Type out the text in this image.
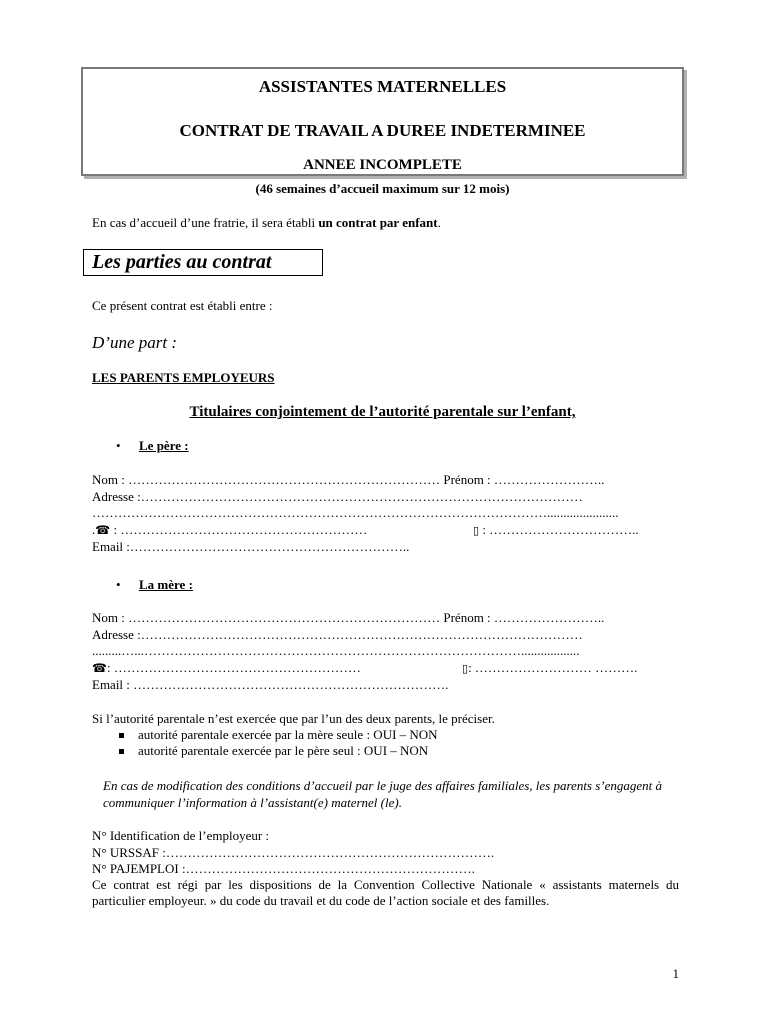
ASSISTANTES MATERNELLES
CONTRAT DE TRAVAIL A DUREE INDETERMINEE
ANNEE INCOMPLETE
(46 semaines d’accueil maximum sur 12 mois)
En cas d’accueil d’une fratrie, il sera établi un contrat par enfant.
Les parties au contrat
Ce présent contrat est établi entre :
D’une part :
LES PARENTS EMPLOYEURS
Titulaires conjointement de l’autorité parentale sur l’enfant,
• Le père :
Nom : ……………………………………………………………… Prénom : ……………………..
Adresse :…………………………………………………………………………………………
……………………………………………………………………………………………......................
.☎ : …………………………………………………	▯ : ……………………………..
Email :………………………………………………………..
• La mère :
Nom : ……………………………………………………………… Prénom : ……………………..
Adresse :…………………………………………………………………………………………
.........…...……………………………………………………………………………..................
☎: …………………………………………………	▯: ……………………… ……….
Email : ……………………………………………………………….
Si l’autorité parentale n’est exercée que par l’un des deux parents, le préciser.
autorité parentale exercée par la mère seule : OUI – NON
autorité parentale exercée par le père seul : OUI – NON
En cas de modification des conditions d’accueil par le juge des affaires familiales, les parents s’engagent à communiquer l’information à l’assistant(e) maternel (le).
N° Identification de l’employeur :
N° URSSAF :………………………………………………………………….
N° PAJEMPLOI :………………………………………………………….
Ce contrat est régi par les dispositions de la Convention Collective Nationale « assistants maternels du particulier employeur. » du code du travail et du code de l’action sociale et des familles.
1
